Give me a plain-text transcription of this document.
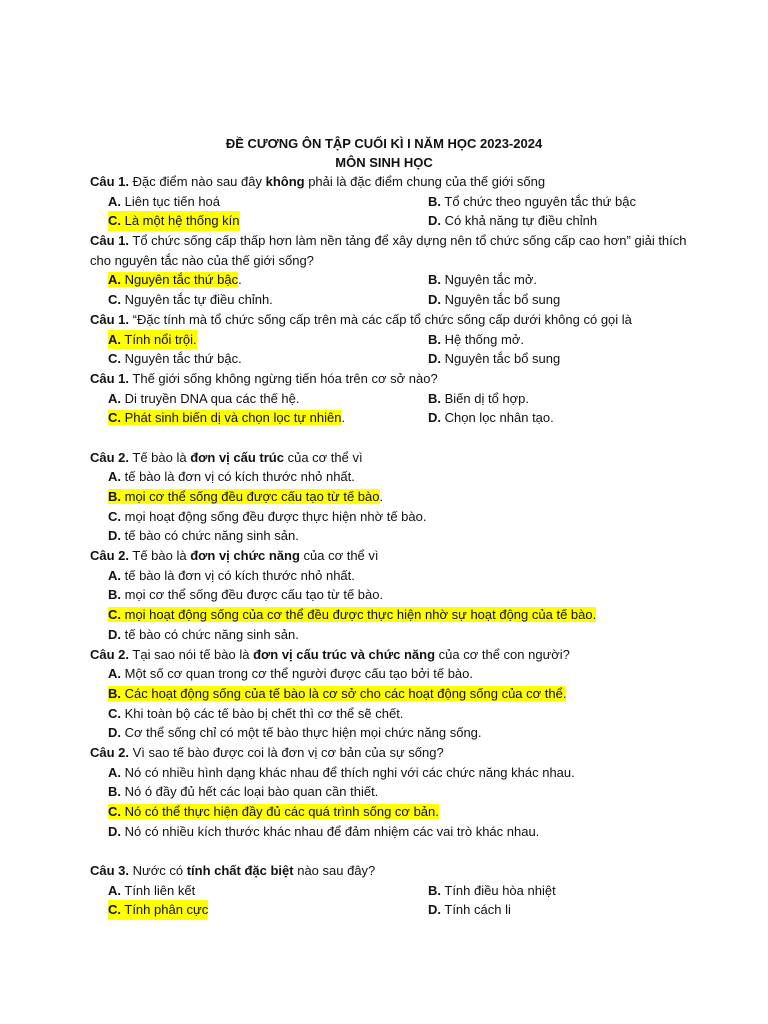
ĐỀ CƯƠNG ÔN TẬP CUỐI KÌ I NĂM HỌC 2023-2024
MÔN SINH HỌC
Câu 1. Đặc điểm nào sau đây không phải là đặc điểm chung của thế giới sống
A. Liên tục tiến hoá	B. Tổ chức theo nguyên tắc thứ bậc
C. Là một hệ thống kín	D. Có khả năng tự điều chỉnh
Câu 1. Tổ chức sống cấp thấp hơn làm nền tảng để xây dựng nên tổ chức sống cấp cao hơn” giải thích
cho nguyên tắc nào của thế giới sống?
A. Nguyên tắc thứ bậc.	B. Nguyên tắc mở.
C. Nguyên tắc tự điều chỉnh.	D. Nguyên tắc bổ sung
Câu 1. “Đặc tính mà tổ chức sống cấp trên mà các cấp tổ chức sống cấp dưới không có gọi là
A. Tính nổi trội.	B. Hệ thống mở.
C. Nguyên tắc thứ bậc.	D. Nguyên tắc bổ sung
Câu 1. Thế giới sống không ngừng tiến hóa trên cơ sở nào?
A. Di truyền DNA qua các thế hệ.	B. Biến dị tổ hợp.
C. Phát sinh biến dị và chọn lọc tự nhiên.	D. Chọn lọc nhân tạo.
Câu 2. Tế bào là đơn vị cấu trúc của cơ thể vì
A. tế bào là đơn vị có kích thước nhỏ nhất.
B. mọi cơ thể sống đều được cấu tạo từ tế bào.
C. mọi hoạt động sống đều được thực hiện nhờ tế bào.
D. tế bào có chức năng sinh sản.
Câu 2. Tế bào là đơn vị chức năng của cơ thể vì
A. tế bào là đơn vị có kích thước nhỏ nhất.
B. mọi cơ thể sống đều được cấu tạo từ tế bào.
C. mọi hoạt động sống của cơ thể đều được thực hiện nhờ sự hoạt động của tế bào.
D. tế bào có chức năng sinh sản.
Câu 2. Tại sao nói tế bào là đơn vị cấu trúc và chức năng của cơ thể con người?
A. Một số cơ quan trong cơ thể người được cấu tạo bởi tế bào.
B. Các hoạt động sống của tế bào là cơ sở cho các hoạt động sống của cơ thể.
C. Khi toàn bộ các tế bào bị chết thì cơ thể sẽ chết.
D. Cơ thể sống chỉ có một tế bào thực hiện mọi chức năng sống.
Câu 2. Vì sao tế bào được coi là đơn vị cơ bản của sự sống?
A. Nó có nhiều hình dạng khác nhau để thích nghi với các chức năng khác nhau.
B. Nó ó đầy đủ hết các loại bào quan cần thiết.
C. Nó có thể thực hiện đầy đủ các quá trình sống cơ bản.
D. Nó có nhiều kích thước khác nhau để đảm nhiệm các vai trò khác nhau.
Câu 3. Nước có tính chất đặc biệt nào sau đây?
A. Tính liên kết	B. Tính điều hòa nhiệt
C. Tính phân cực	D. Tính cách li
